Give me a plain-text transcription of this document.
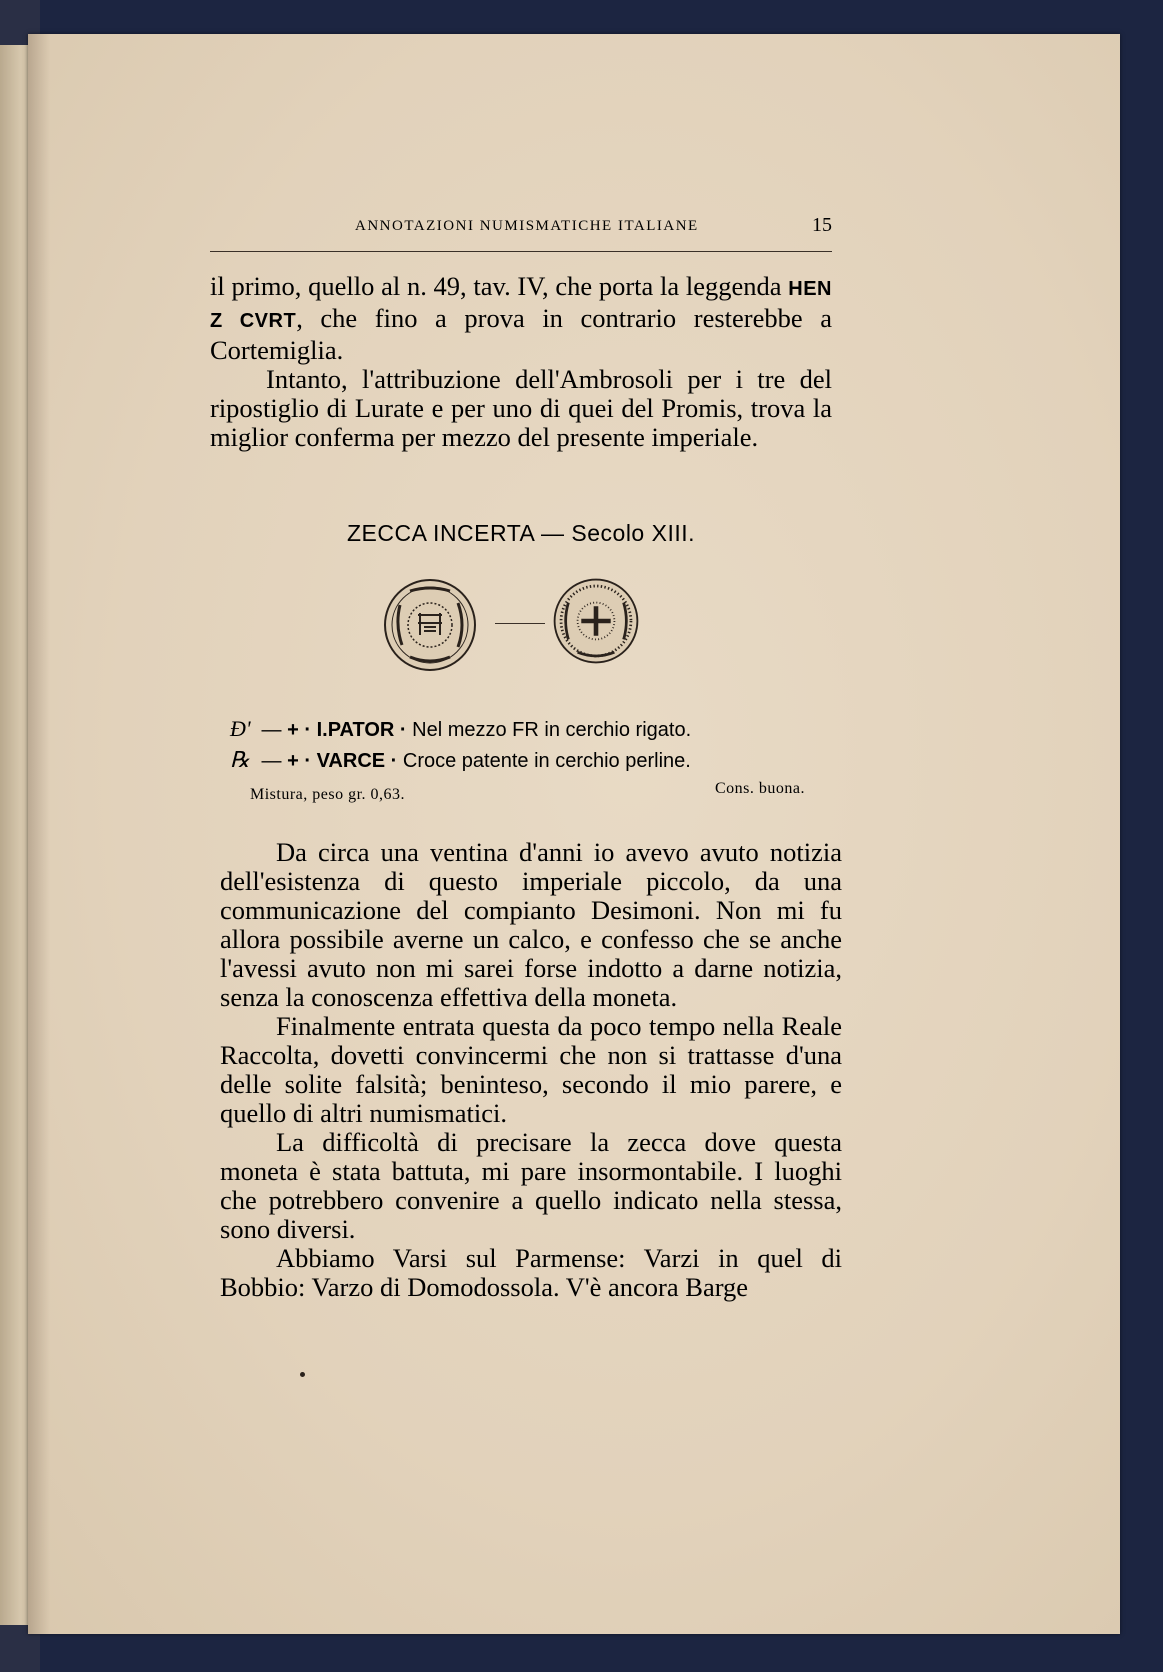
ANNOTAZIONI NUMISMATICHE ITALIANE	15

il primo, quello al n. 49, tav. IV, che porta la leggenda HEN Z CVRT, che fino a prova in contrario resterebbe a Cortemiglia.

Intanto, l'attribuzione dell'Ambrosoli per i tre del ripostiglio di Lurate e per uno di quei del Promis, trova la miglior conferma per mezzo del presente imperiale.

ZECCA INCERTA — Secolo XIII.
Ɖ' — + · I.PATOR · Nel mezzo FR in cerchio rigato.
℞ — + · VARCE · Croce patente in cerchio perline.
Mistura, peso gr. 0,63.	Cons. buona.

Da circa una ventina d'anni io avevo avuto notizia dell'esistenza di questo imperiale piccolo, da una communicazione del compianto Desimoni. Non mi fu allora possibile averne un calco, e confesso che se anche l'avessi avuto non mi sarei forse indotto a darne notizia, senza la conoscenza effettiva della moneta.

Finalmente entrata questa da poco tempo nella Reale Raccolta, dovetti convincermi che non si trattasse d'una delle solite falsità; beninteso, secondo il mio parere, e quello di altri numismatici.

La difficoltà di precisare la zecca dove questa moneta è stata battuta, mi pare insormontabile. I luoghi che potrebbero convenire a quello indicato nella stessa, sono diversi.

Abbiamo Varsi sul Parmense: Varzi in quel di Bobbio: Varzo di Domodossola. V'è ancora Barge
